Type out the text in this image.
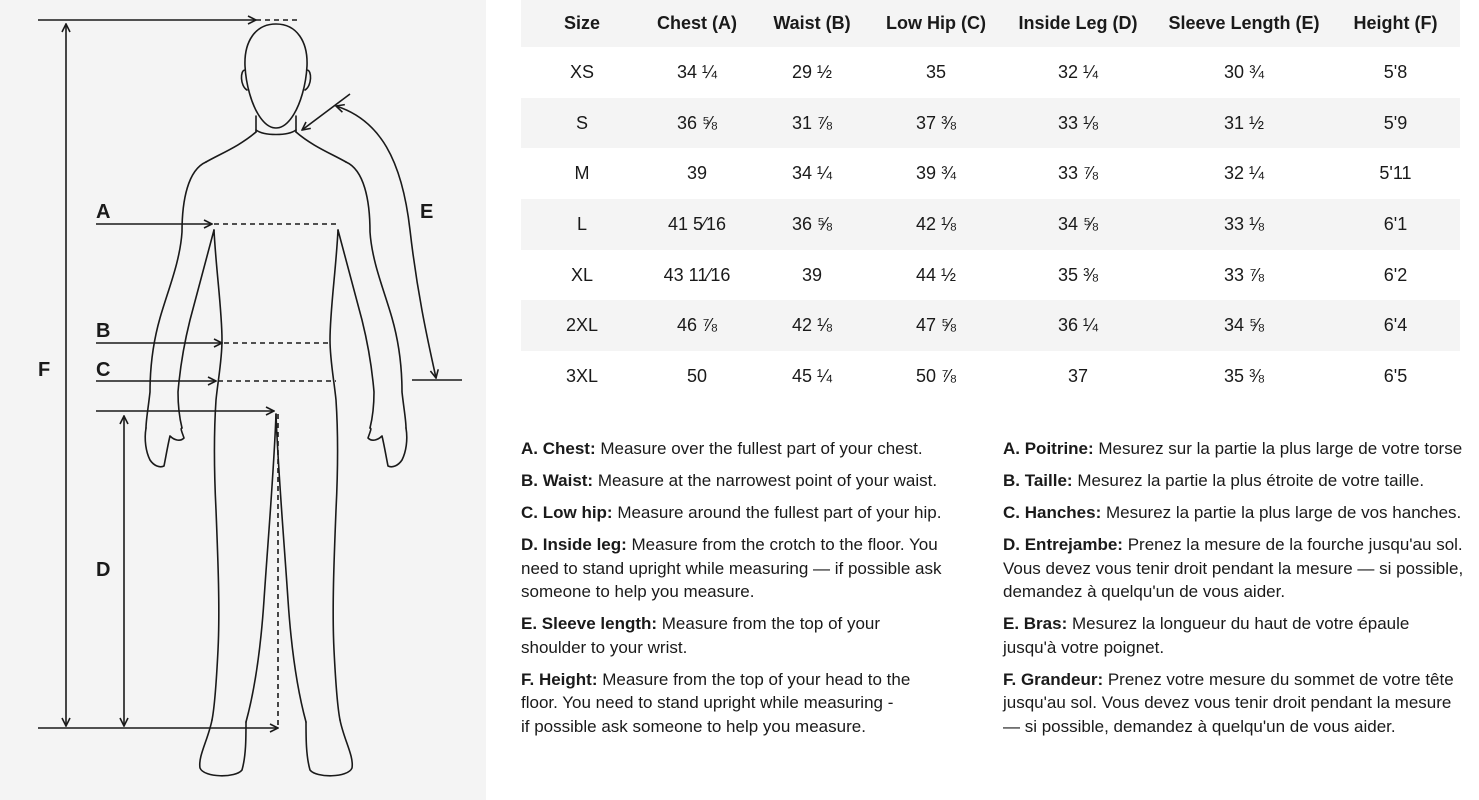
A
B
C
D
E
F
Size	Chest (A)	Waist (B)	Low Hip (C)	Inside Leg (D)	Sleeve Length (E)	Height (F)
XS	34 ¼	29 ½	35	32 ¼	30 ¾	5'8
S	36 ⅝	31 ⅞	37 ⅜	33 ⅛	31 ½	5'9
M	39	34 ¼	39 ¾	33 ⅞	32 ¼	5'11
L	41 5⁄16	36 ⅝	42 ⅛	34 ⅝	33 ⅛	6'1
XL	43 11⁄16	39	44 ½	35 ⅜	33 ⅞	6'2
2XL	46 ⅞	42 ⅛	47 ⅝	36 ¼	34 ⅝	6'4
3XL	50	45 ¼	50 ⅞	37	35 ⅜	6'5
A. Chest: Measure over the fullest part of your chest.
B. Waist: Measure at the narrowest point of your waist.
C. Low hip: Measure around the fullest part of your hip.
D. Inside leg: Measure from the crotch to the floor. You
need to stand upright while measuring — if possible ask
someone to help you measure.
E. Sleeve length: Measure from the top of your
shoulder to your wrist.
F. Height: Measure from the top of your head to the
floor. You need to stand upright while measuring -
if possible ask someone to help you measure.
A. Poitrine: Mesurez sur la partie la plus large de votre torse
B. Taille: Mesurez la partie la plus étroite de votre taille.
C. Hanches: Mesurez la partie la plus large de vos hanches.
D. Entrejambe: Prenez la mesure de la fourche jusqu'au sol.
Vous devez vous tenir droit pendant la mesure — si possible,
demandez à quelqu'un de vous aider.
E. Bras: Mesurez la longueur du haut de votre épaule
jusqu'à votre poignet.
F. Grandeur: Prenez votre mesure du sommet de votre tête
jusqu'au sol. Vous devez vous tenir droit pendant la mesure
— si possible, demandez à quelqu'un de vous aider.
